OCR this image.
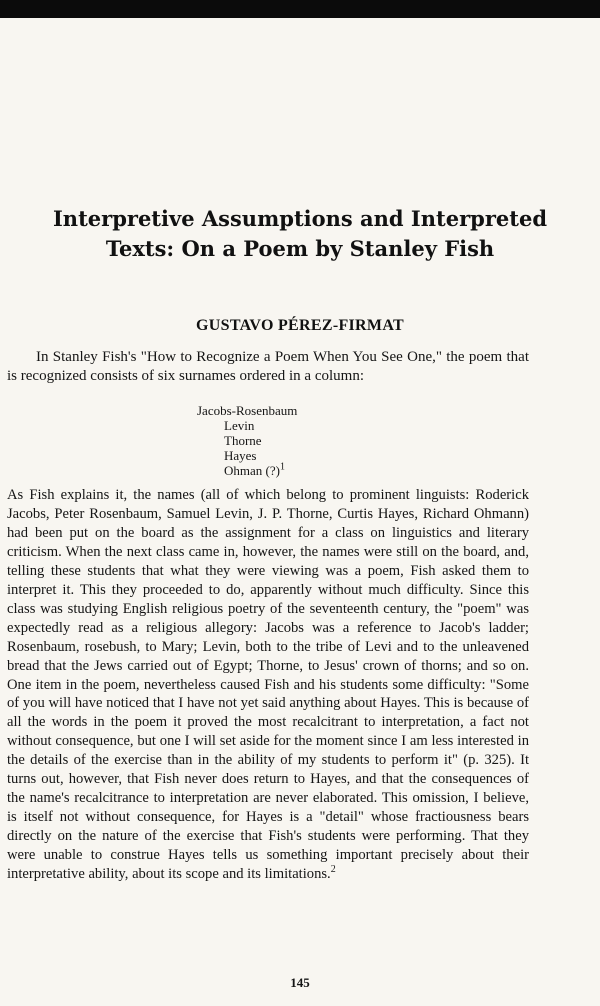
Interpretive Assumptions and Interpreted
Texts: On a Poem by Stanley Fish
GUSTAVO PÉREZ-FIRMAT

In Stanley Fish's "How to Recognize a Poem When You See One," the poem that is recognized consists of six surnames ordered in a column:

Jacobs-Rosenbaum
Levin
Thorne
Hayes
Ohman (?)$^1$

As Fish explains it, the names (all of which belong to prominent linguists: Roderick Jacobs, Peter Rosenbaum, Samuel Levin, J. P. Thorne, Curtis Hayes, Richard Ohmann) had been put on the board as the assignment for a class on linguistics and literary criticism. When the next class came in, however, the names were still on the board, and, telling these students that what they were viewing was a poem, Fish asked them to interpret it. This they proceeded to do, apparently without much difficulty. Since this class was studying English religious poetry of the seventeenth century, the "poem" was expectedly read as a religious allegory: Jacobs was a reference to Jacob's ladder; Rosenbaum, rosebush, to Mary; Levin, both to the tribe of Levi and to the unleavened bread that the Jews carried out of Egypt; Thorne, to Jesus' crown of thorns; and so on. One item in the poem, nevertheless caused Fish and his students some difficulty: "Some of you will have noticed that I have not yet said anything about Hayes. This is because of all the words in the poem it proved the most recalcitrant to interpretation, a fact not without consequence, but one I will set aside for the moment since I am less interested in the details of the exercise than in the ability of my students to perform it" (p. 325). It turns out, however, that Fish never does return to Hayes, and that the consequences of the name's recalcitrance to interpretation are never elaborated. This omission, I believe, is itself not without consequence, for Hayes is a "detail" whose fractiousness bears directly on the nature of the exercise that Fish's students were performing. That they were unable to construe Hayes tells us something important precisely about their interpretative ability, about its scope and its limitations.$^2$

145
